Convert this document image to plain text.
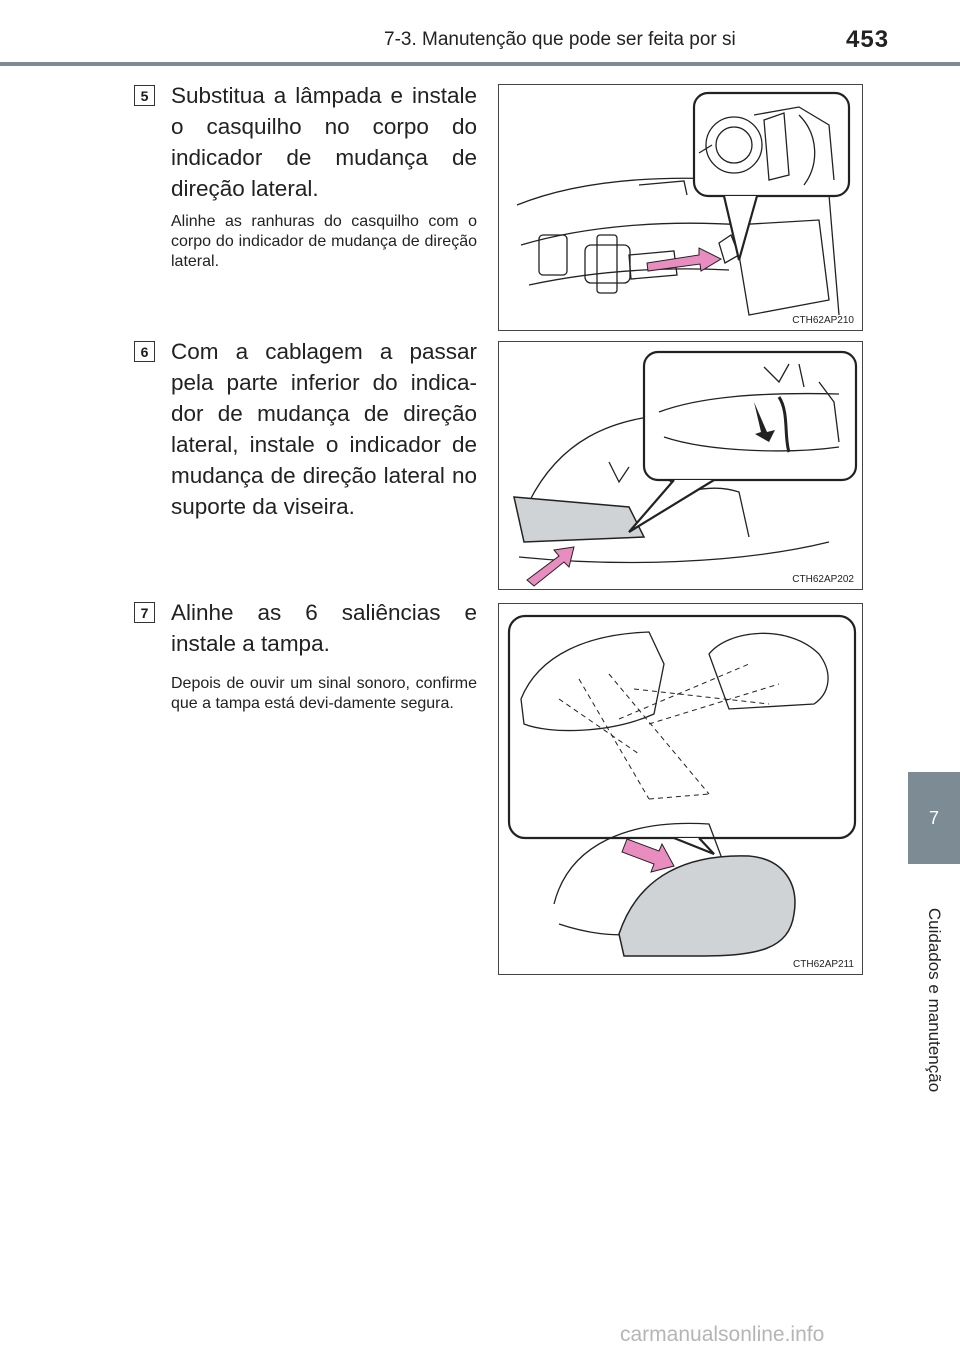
7-3. Manutenção que pode ser feita por si	453
7
Cuidados e manutenção
5 Substitua a lâmpada e instale o casquilho no corpo do indicador de mudança de direção lateral.
Alinhe as ranhuras do casquilho com o corpo do indicador de mudança de direção lateral.
CTH62AP210
6 Com a cablagem a passar pela parte inferior do indica-dor de mudança de direção lateral, instale o indicador de mudança de direção lateral no suporte da viseira.
CTH62AP202
7 Alinhe as 6 saliências e instale a tampa.
Depois de ouvir um sinal sonoro, confirme que a tampa está devi-damente segura.
CTH62AP211
carmanualsonline.info
